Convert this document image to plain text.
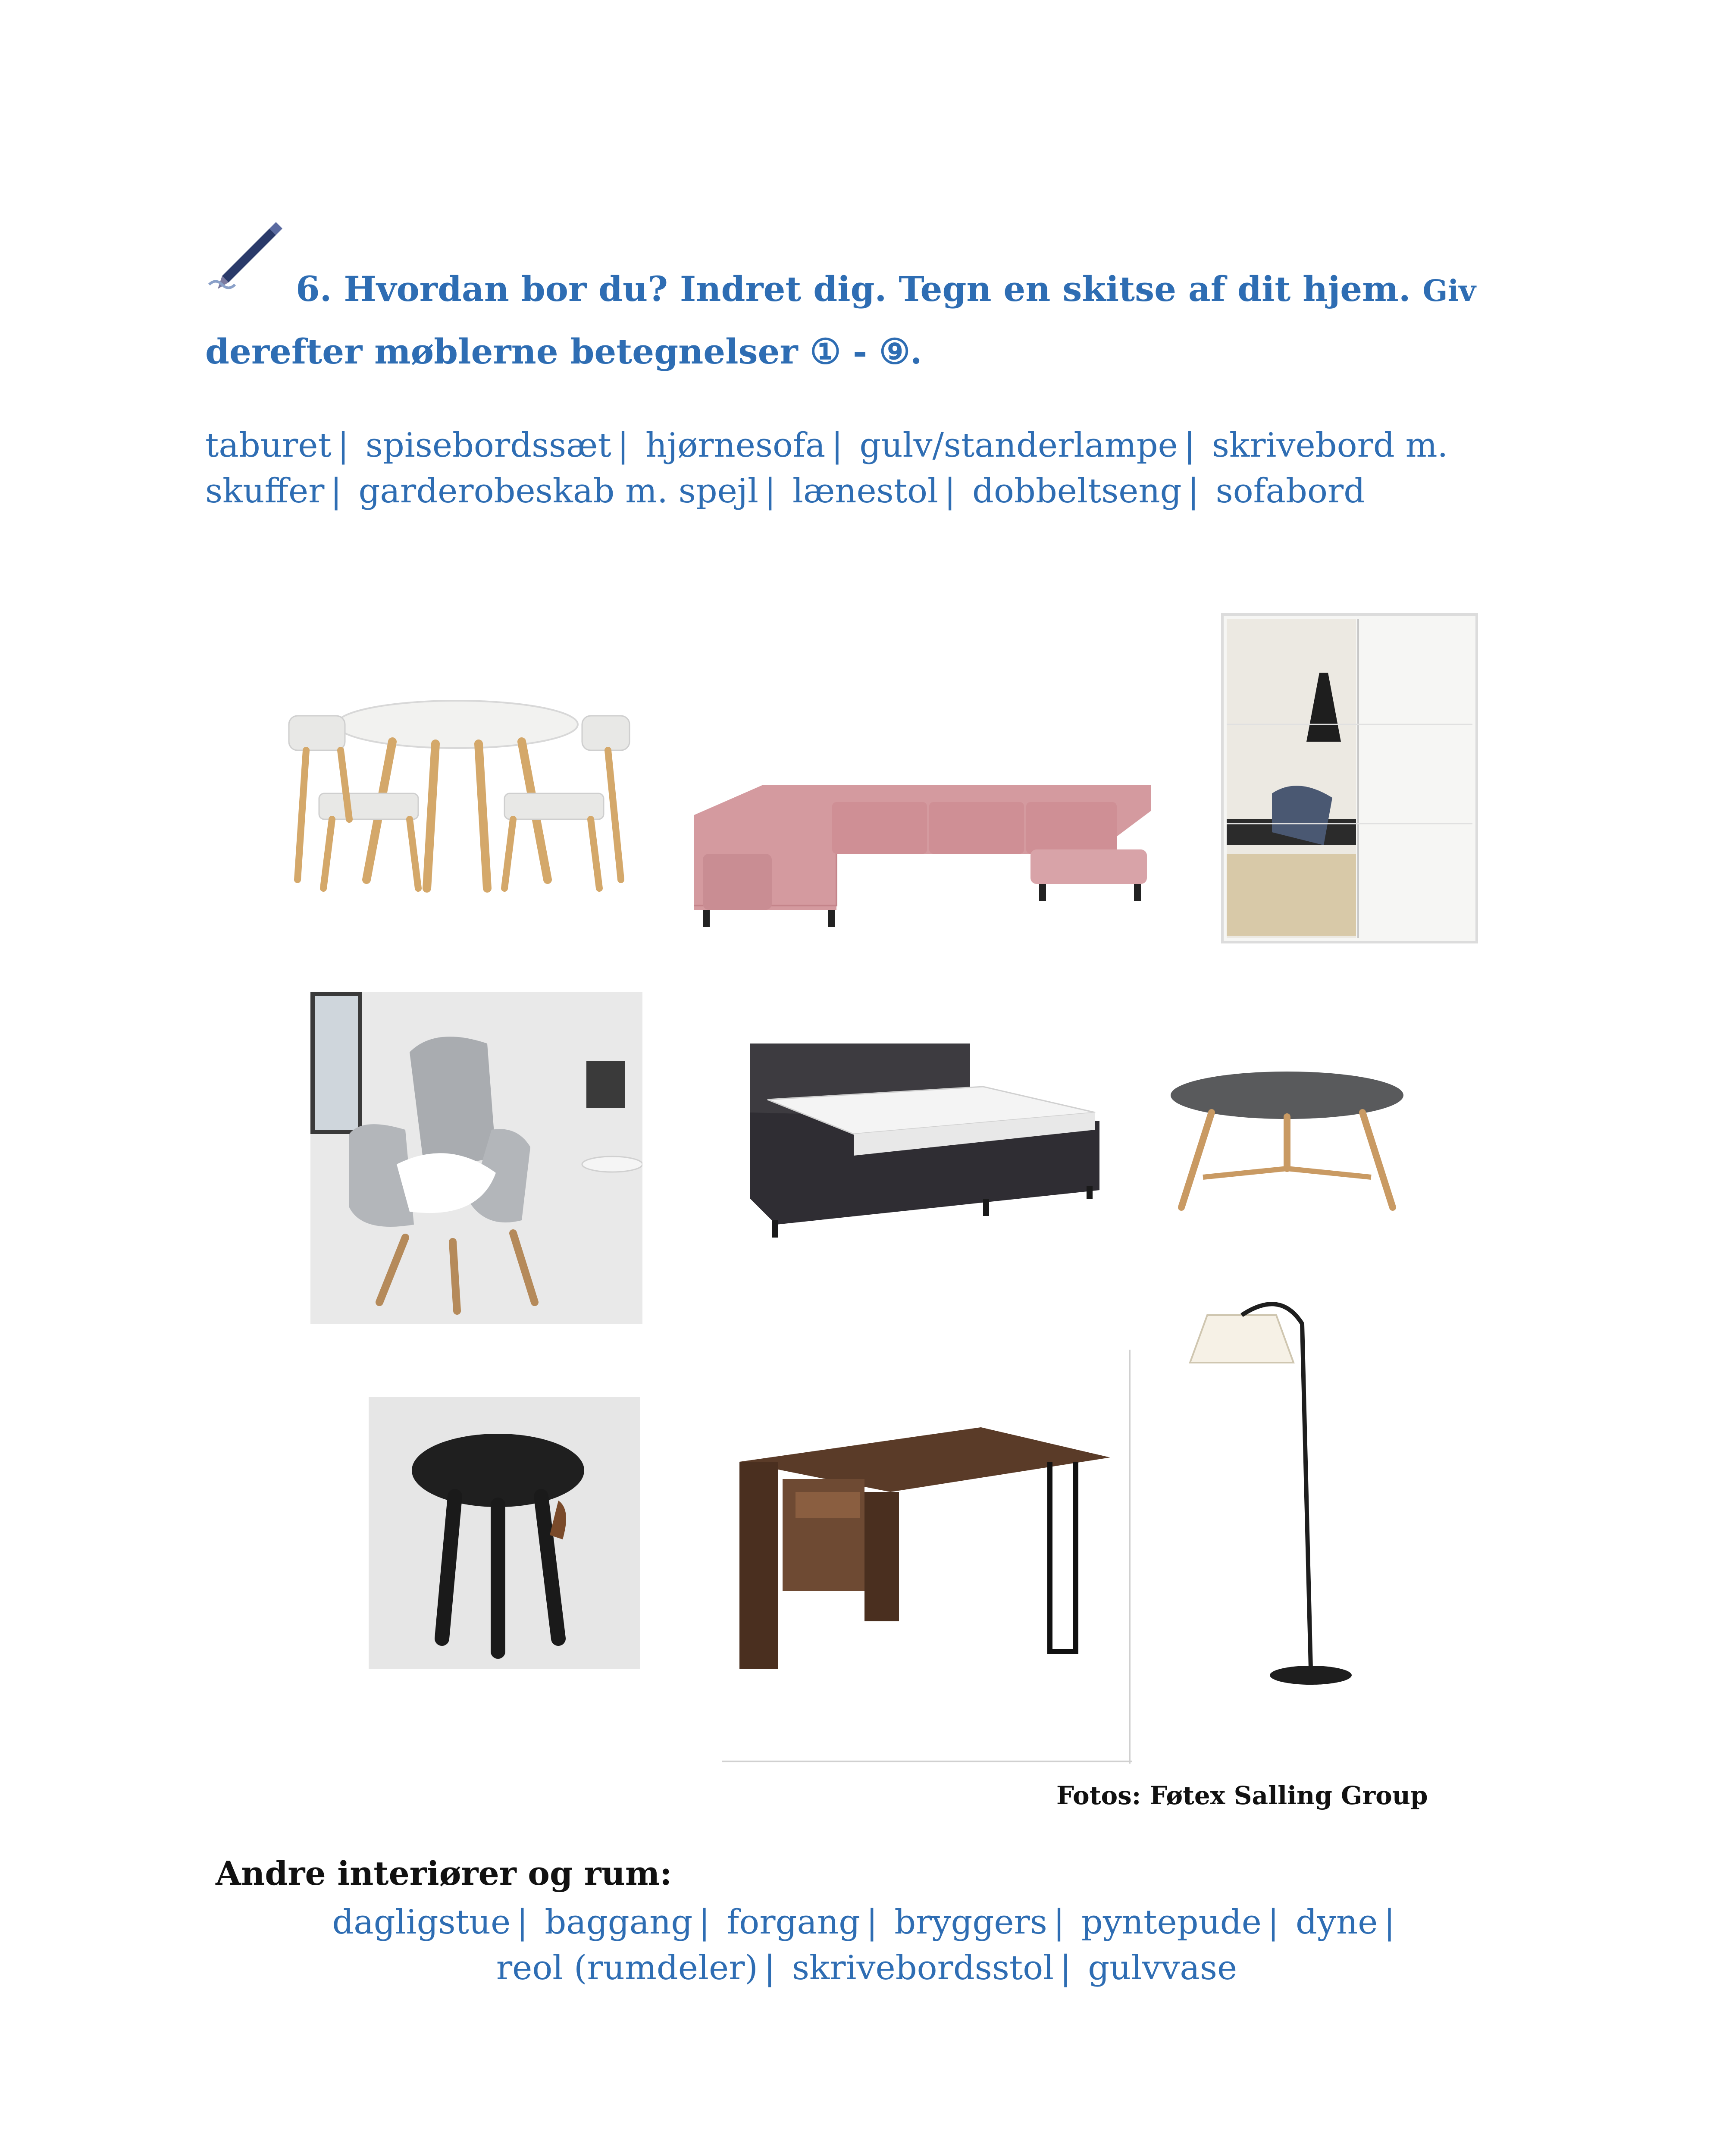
6. Hvordan bor du? Indret dig. Tegn en skitse af dit hjem. Giv
derefter møblerne betegnelser ① - ⑨.
taburet | spisebordssæt | hjørnesofa | gulv/standerlampe | skrivebord m. skuffer | garderobeskab m. spejl | lænestol | dobbeltseng | sofabord
Fotos: Føtex Salling Group
Andre interiører og rum:
dagligstue | baggang | forgang | bryggers | pyntepude | dyne |
reol (rumdeler) | skrivebordsstol | gulvvase
